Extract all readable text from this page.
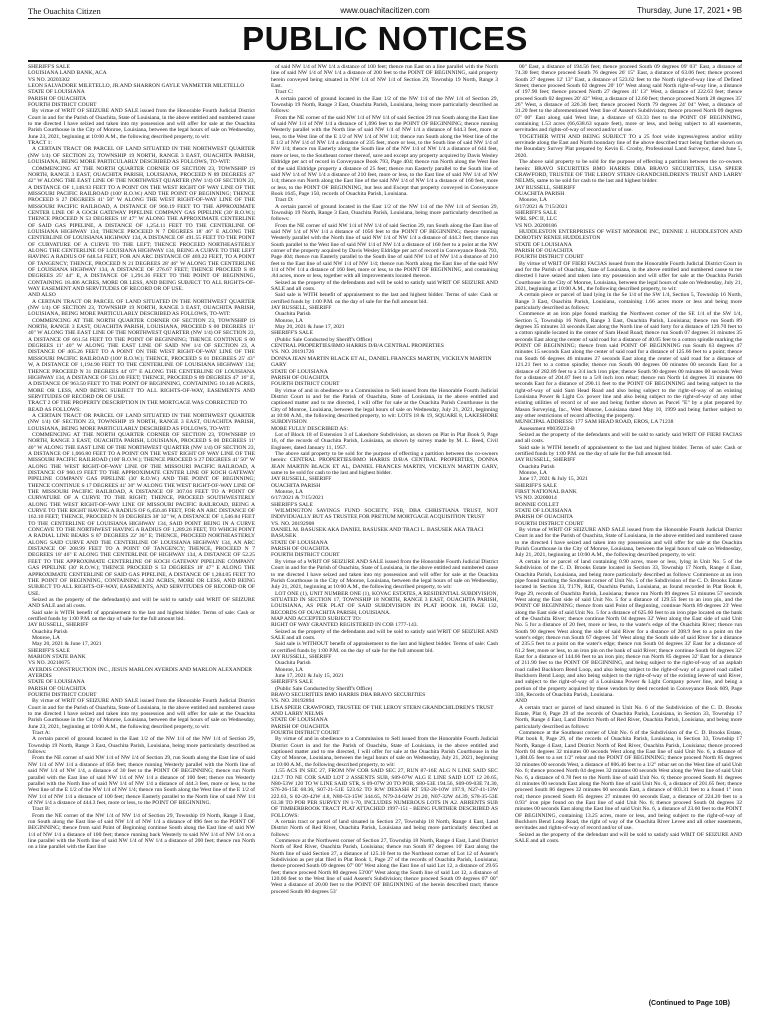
The Ouachita Citizen	www.ouachitacitizen.com	Thursday, June 17, 2021 • 9B
PUBLIC NOTICES

SHERIFF'S SALE

LOUISIANA LAND BANK, ACA

VS NO. 20203302

LEON SALVADORE MILETELLO, JR.AND SHARRON GAYLE VANMETER MILETELLO

STATE OF LOUISIANA

PARISH OF OUACHITA

FOURTH DISTRICT COURT

By virtue of WRIT OF SEIZURE AND SALE issued from the Honorable Fourth Judicial District Court in and for the Parish of Ouachita, State of Louisiana, in the above entitled and numbered cause to me directed I have seized and taken into my possession and will offer for sale at the Ouachita Parish Courthouse in the City of Monroe, Louisiana, between the legal hours of sale on Wednesday, June 23, 2021, beginning at 10:00 A.M., the following described property, to wit:

TRACT 1:

A CERTAIN TRACT OR PARCEL OF LAND SITUATED IN THE NORTHWEST QUARTER (NW 1/4) OF SECTION 23, TOWNSHIP 19 NORTH, RANGE 3 EAST, OUACHITA PARISH, LOUISIANA, BEING MORE PARTICULARLY DESCRIBED AS FOLLOWS, TO-WIT:

COMMENCING AT THE NORTH QUARTER CORNER OF SECTION 23, TOWNSHIP 19 NORTH, RANGE 3 EAST, OUACHITA PARISH, LOUISIANA, PROCEED N 89 DEGREES 47' 42" W ALONG THE EAST LINE OF THE NORTHWEST QUARTER (NW 1/4) OF SECTION 23, A DISTANCE OF 1,148.93 FEET TO A POINT ON THE WEST RIGHT OF WAY LINE OF THE MISSOURI PACIFIC RAILROAD (100' R.O.W.) AND THE POINT OF BEGINNING; THENCE PROCEED S 27 DEGREES 41' 50" W ALONG THE WEST RIGHT-OF-WAY LINE OF THE MISSOURI PACIFIC RAILROAD, A DISTANCE OF 960.19 FEET TO THE APPROXIMATE CENTER LINE OF A GOCH GATEWAY PIPELINE COMPANY GAS PIPELINE (30' R.O.W.); THENCE PROCEED N 53 DEGREES 18' 47" W ALONG THE APPROXIMATE CENTERLINE OF SAID GAS PIPELINE, A DISTANCE OF 1,254.11 FEET TO THE CENTERLINE OF LOUISIANA HIGHWAY 134; THENCE PROCEED N 7 DEGREES 18' 46" E ALONG THE CENTERLINE OF LOUISIANA HIGHWAY 134, A DISTANCE OF 491.55 FEET TO THE POINT OF CURVATURE OF A CURVE TO THE LEFT; THENCE PROCEED NORTHEASTERLY ALONG THE CENTERLINE OF LOUISIANA HIGHWAY 134, BEING A CURVE TO THE LEFT HAVING A RADIUS OF 648.54 FEET, FOR AN ARC DISTANCE OF 469.22 FEET, TO A POINT OF TANGENCY; THENCE, PROCEED N 21 DEGREES 28' 46" W ALONG THE CENTERLINE OF LOUISIANA HIGHWAY 134, A DISTANCE OF 276.67 FEET; THENCE PROCEED S 89 DEGREES 25' 44" E, A DISTANCE OF 1,291.36 FEET TO THE POINT OF BEGINNING, CONTAINING 18.406 ACRES, MORE OR LESS, AND BEING SUBJECT TO ALL RIGHTS-OF-WAY EASEMENT AND SERVITUDES OF RECORD OR OF USE.

AND ALSO

A CERTAIN TRACT OR PARCEL OF LAND SITUATED IN THE NORTHWEST QUARTER (NW 1/4) OF SECTION 23, TOWNSHIP 19 NORTH, RANGE 3 EAST, OUACHITA PARISH, LOUISIANA, BEING MORE PARTICULARLY DESCRIBED AS FOLLOWS, TO-WIT:

COMMENCING AT THE NORTH QUARTER CORNER OF SECTION 23, TOWNSHIP 19 NORTH, RANGE 3 EAST, OUACHITA PARISH, LOUISIANA, PROCEED S 00 DEGREES 11' 40" W ALONG THE EAST LINE OF THE NORTHWEST QUARTER (NW 1/4) OF SECTION 23, A DISTANCE OF 661.54 FEET TO THE POINT OF BEGINNING; THENCE CONTINUE S 00 DEGREES 11' 40" W ALONG THE EAST LINE OF SAID NW 1/4 OF SECTION 23, A DISTANCE OF 405.26 FEET TO A POINT ON THE WEST RIGHT-OF-WAY LINE OF THE MISSOURI PACIFIC RAILROAD (100' R.O.W.); THENCE, PROCEED S 01 DEGREES 25' 43" W, A DISTANCE OF 1,194.90 FEET TO THE CENTERLINE OF LOUISIANA HIGHWAY 134; THENCE PROCEED N 31 DEGREES 44' 07" E ALONG THE CENTERLINE OF LOUISIANA HIGHWAY 134, A DISTANCE OF 531.00 FEET; THENCE, PROCEED S 89 DEGREES 47' 16" E, A DISTANCE OF 963.50 FEET TO THE POINT OF BEGINNING, CONTAINING 10.140 ACRES, MORE OR LESS, AND BEING SUBJECT TO ALL RIGHTS-OF-WAY, EASEMENTS AND SERVITUDES OF RECORD OR OF USE.

TRACT 2 OF THE PROPERTY DESCRIPTION IN THE MORTGAGE WAS CORRECTED TO READ AS FOLLOWS:

A CERTAIN TRACT OR PARCEL OF LAND SITUATED IN THE NORTHWEST QUARTER (NW 1/4) OF SECTION 23, TOWNSHIP 19 NORTH, RANGE 3 EAST, OUACHITA PARISH, LOUISIANA, BEING MORE PARTICULARLY DESCRIBED AS FOLLOWS, TO-WIT:

COMMENCING AT THE NORTH QUARTER CORNER OF SECTION 23, TOWNSHIP 19 NORTH, RANGE 3 EAST, OUACHITA PARISH, LOUISIANA, PROCEED S 00 DEGREES 11' 40" W ALONG THE EAST LINE OF THE NORTHWEST QUARTER (NW 1/4) OF SECTION 23, A DISTANCE OF 1,066.80 FEET TO A POINT ON THE WEST RIGHT OF WAY LINE OF THE MISSOURI PACIFIC RAILROAD (100' R.O.W.); THENCE PROCEED S 27 DEGREES 41' 50" W ALONG THE WEST RIGHT-OF-WAY LINE OF THE MISSOURI PACIFIC RAILROAD, A DISTANCE OF 960.19 FEET TO THE APPROXIMATE CENTER LINE OF KOCH GATEWAY PIPELINE COMPANY GAS PIPELINE (30' R.O.W.) AND THE POINT OF BEGINNING; THENCE CONTINUE S 17 DEGREES 41' 30" W ALONG THE WEST RIGHT-OF-WAY LINE OF THE MISSOURI PACIFIC RAILROAD, A DISTANCE OF 307.04 FEET TO A POINT OF CURVATURE OF A CURVE TO THE RIGHT; THENCE, PROCEED SOUTHWESTERLY ALONG THE WEST RIGHT-OF-WAY LINE OF MISSOURI PACIFIC RAILROAD, BEING A CURVE TO THE RIGHT HAVING A RADIUS OF 6,450.46 FEET, FOR AN ARC DISTANCE OF 162.10 FEET; THENCE, PROCEED N 59 DEGREES 38' 32" W, A DISTANCE OF 1,546.84 FEET TO THE CENTERLINE OF LOUISIANA HIGHWAY 134, SAID POINT BEING IN A CURVE CONCAVE TO THE NORTHWEST HAVING A RADIUS OF 1,289.26 FEET, TO WHICH POINT A RADIAL LINE BEARS S 87 DEGREES 22' 36" E; THENCE, PROCEED NORTHEASTERLY ALONG SAID CURVE AND THE CENTERLINE OF LOUISIANA HIGHWAY 134, AN ARC DISTANCE OF 208.99 FEET TO A POINT OF TANGENCY; THENCE, PROCEED N 7 DEGREES 18' 46" E ALONG THE CENTERLINE OF HIGHWAY 134, A DISTANCE OF 52.25 FEET TO THE APPROXIMATE CENTERLINE OF KOCH GATEWAY PIPELINE COMPANY GAS PIPELINE (30' R.O.W.); THENCE PROCEED S 53 DEGREES 18' 47" E ALONG THE APPROXIMATE CENTERLINE OF SAID GAS PIPELINE, A DISTANCE OF 1,284.05 FEET TO THE POINT OF BEGINNING, CONTAINING 8.202 ACRES, MORE OR LESS, AND BEING SUBJECT TO ALL RIGHTS-OF-WAY, EASEMENTS, AND SERVITUDES OF RECORD OR OF USE.

Seized as the property of the defendant(s) and will be sold to satisfy said WRIT OF SEIZURE AND SALE and all costs.

Said sale is WITH benefit of appraisement to the last and highest bidder. Terms of sale: Cash or certified funds by 1:00 P.M. on the day of sale for the full amount bid.

JAY RUSSELL, SHERIFF

Ouachita Parish

Monroe, LA

May 20, 2021 & June 17, 2021

SHERIFF'S SALE

MARION STATE BANK

VS NO. 20210675

AYERDIS CONSTRUCTION INC., JESUS MARLON AYERDIS AND MARLON ALEXANDER AYERDIS

STATE OF LOUISIANA

PARISH OF OUACHITA

FOURTH DISTRICT COURT

By virtue of WRIT OF SEIZURE AND SALE issued from the Honorable Fourth Judicial District Court in and for the Parish of Ouachita, State of Louisiana, in the above entitled and numbered cause to me directed I have seized and taken into my possession and will offer for sale at the Ouachita Parish Courthouse in the City of Monroe, Louisiana, between the legal hours of sale on Wednesday, June 23, 2021, beginning at 10:00 A.M., the following described property, to wit:

Tract A:

A certain parcel of ground located in the East 1/2 of the NW 1/4 of the NW 1/4 of Section 29, Township 19 North, Range 3 East, Ouachita Parish, Louisiana, being more particularly described as follows:

From the NE corner of said NW 1/4 of NW 1/4 of Section 29, run South along the East line of said NW 1/4 of NW 1/4 a distance of 856 feet; thence running Westerly parallel with the North line of said NW 1/4 of NW 1/4, a distance of 30 feet to the POINT OF BEGINNING; thence run North parallel with the East line of said NW 1/4 of NW 1/4 a distance of 100 feet; thence run Westerly parallel with the North line of said NW 1/4 of NW 1/4 a distance of 444.3 feet, more or less, to the West line of the E 1/2 of the NW 1/4 of NW 1/4; thence run South along the West line of the E 1/2 of NW 1/4 of NW 1/4 a distance of 100 feet; thence Easterly parallel to the North line of said NW 1/4 of NW 1/4 a distance of 444.3 feet, more or less, to the POINT OF BEGINNING.

Tract B:

From the NE corner of the NW 1/4 of NW 1/4 of Section 29, Township 19 North, Range 3 East, run South along the East line of said NW 1/4 of NW 1/4 a distance of 896 feet to the POINT OF BEGINNING; thence from said Point of Beginning continue South along the East line of said NW 1/4 of NW 1/4 a distance of 100 feet; thence running back Westerly to said NW 1/4 of NW 1/4 on a line parallel with the North line of said NW 1/4 of NW 1/4 a distance of 200 feet; thence run North on a line parallel with the East line

of said NW 1/4 of NW 1/4 a distance of 100 feet; thence run East on a line parallel with the North line of said NW 1/4 of NW 1/4 a distance of 200 feet to the POINT OF BEGINNING, said property herein conveyed being situated in NW 1/4 of NW 1/4 of Section 29, Township 19 North, Range 3 East.

Tract C:

A certain parcel of ground located in the East 1/2 of the NW 1/4 of the NW 1/4 of Section 29, Township 19 North, Range 3 East, Ouachita Parish, Louisiana, being more particularly described as follows:

From the NE corner of the said NW 1/4 of NW 1/4 of said Section 29 run South along the East line of said NW 1/4 of NW 1/4 a distance of 1,096 feet to the POINT OF BEGINNING; thence running Westerly parallel with the North line of said NW 1/4 of NW 1/4 a distance of 644.3 feet, more or less, to the West line of the E 1/2 of NW 1/4 of NW 1/4; thence run South along the West line of the E 1/2 of NW 1/4 of NW 1/4 a distance of 235 feet, more or less, to the South line of said NW 1/4 of NW 1/4; thence run Easterly along the South line of the NW 1/4 of NW 1/4 a distance of 644 feet, more or less, to the Southeast corner thereof, save and except any property acquired by Davis Wesley Eldridge per act of record in Conveyance Book 793, Page 404; thence run North along the West line of the said Eldridge property a distance of 25 feet; thence run Easterly parallel to the South line of said NW 1/4 of NW 1/4 a distance of 210 feet, more or less, to the East line of said NW 1/4 of NW 1/4; thence run North along the East line of the said NW 1/4 of NW 1/4 a distance of 160 feet, more or less, to the POINT OF BEGINNING, but less and Except that property conveyed in Conveyance Book 1645, Page 150, records of Ouachita Parish, Louisiana.

Tract D:

A certain parcel of ground located in the East 1/2 of the NW 1/4 of the NW 1/4 of Section 29, Township 19 North, Range 3 East, Ouachita Parish, Louisiana, being more particularly described as follows:

From the NE corner of said NW 1/4 of NW 1/4 of said Section 29, run South along the East line of said NW 1/4 of NW 1/4 a distance of 1056 feet to the POINT OF BEGINNING; thence running Westerly parallel with the North line of said NW 1/4 of NW 1/4 a distance of 444.3 feet; thence run South parallel to the West line of said NW 1/4 of NW 1/4 a distance of 160 feet to a point at the NW corner of the property acquired by Davis Wesley Eldridge per act of record in Conveyance Book 793, Page 404; thence run Easterly parallel to the South line of said NW 1/4 of NW 1/4 a distance of 210 feet to the East line of said NW 1/4 of NW 1/4; thence run North along the East line of the said NW 1/4 of NW 1/4 a distance of 160 feet, more or less, to the POINT OF BEGINNING, and containing .84 acres, more or less, together with all improvements located thereon.

Seized as the property of the defendants and will be sold to satisfy said WRIT OF SEIZURE AND SALE and all costs.

Said sale is WITH benefit of appraisement to the last and highest bidder. Terms of sale: Cash or certified funds by 1:00 P.M. on the day of sale for the full amount bid.

JAY RUSSELL, SHERIFF

Ouachita Parish

Monroe, LA

May 20, 2021 & June 17, 2021

SHERIFF'S SALE

(Public Sale Conducted by Sheriff's Office)

CENTRAL PROPERTIES/BMO HARRIS D/B/A CENTRAL PROPERTIES

VS. NO. 20191726

DONNA JEAN MARTIN BLACK ET AL, DANIEL FRANCES MARTIN, VICKILYN MARTIN GARY

STATE OF LOUISIANA

PARISH OF OUACHITA

FOURTH DISTRICT COURT

By virtue of and in obedience to a Commission to Sell issued from the Honorable Fourth Judicial District Court in and for the Parish of Ouachita, State of Louisiana, in the above entitled and captioned matter and to me directed, I will offer for sale at the Ouachita Parish Courthouse in the City of Monroe, Louisiana, between the legal hours of sale on Wednesday, July 21, 2021, beginning at 10:00 A.M., the following described property, to wit: LOTS 18 & 19, SQUARE 8, LAKESHORE SUBDIVISION

MORE FULLY DESCRIBED AS:

Lot of Block 18 of Extension 3 of Lakeshore Subdivision, as shown on Plat in Plat Book 9, Page 16, of the records of Ouachita Parish, Louisiana, as shown by survey made by M. L. Reed, Civil Engineer, dated January 11, 1957.

The above said property to be sold for the purpose of effecting a partition between the co-owners herein: CENTRAL PROPERTIES/BMO HARRIS D/B/A CENTRAL PROPERTIES, DONNA JEAN MARTIN BLACK ET AL, DANIEL FRANCES MARTIN, VICKILYN MARTIN GARY, same to be sold for cash to the last and highest bidder.

JAY RUSSELL, SHERIFF

OUACHITA PARISH

Monroe, LA

6/17/2021 & 7/15/2021

SHERIFF'S SALE

WILMINGTON SAVINGS FUND SOCIETY, FSB, DBA CHRISTIANA TRUST, NOT INDIVIDUALLY BUT AS TRUSTEE FOR PRETIUM MORTGAGE ACQUISITION TRUST

VS. NO. 20192908

DANIEL M. BASUSEK AKA DANIEL BASUSEK AND TRACI L. BASUSEK AKA TRACI BASUSEK

STATE OF LOUISIANA

PARISH OF OUACHITA

FOURTH DISTRICT COURT

By virtue of a WRIT OF SEIZURE AND SALE issued from the Honorable Fourth Judicial District Court in and for the Parish of Ouachita, State of Louisiana, in the above entitled and numbered cause to me directed I have seized and taken into my possession and will offer for sale at the Ouachita Parish Courthouse in the City of Monroe, Louisiana, between the legal hours of sale on Wednesday, July 21, 2021, beginning at 10:00 A.M., the following described property, to wit:

LOT ONE (1), UNIT NUMBER ONE (1), KOVAC ESTATES, A RESIDENTIAL SUBDIVISION, SITUATED IN SECTION 17, TOWNSHIP 18 NORTH, RANGE 3 EAST, OUACHITA PARISH, LOUISIANA, AS PER PLAT OF SAID SUBDIVISION IN PLAT BOOK 18, PAGE 132, RECORDS OF OUACHITA PARISH, LOUISIANA.

MAP AND ACCEPTED SUBJECT TO:

RIGHT OF WAY GRANTED REGISTERED IN COB 1777-143.

Seized as the property of the defendants and will be sold to satisfy said WRIT OF SEIZURE AND SALE and all costs.

Said sale is WITHOUT benefit of appraisement to the last and highest bidder. Terms of sale: Cash or certified funds by 1:00 P.M. on the day of sale for the full amount bid.

JAY RUSSELL, SHERIFF

Ouachita Parish

Monroe, LA

June 17, 2021 & July 15, 2021

SHERIFF'S SALE

(Public Sale Conducted by Sheriff's Office)

BRAVO SECURITIES BMO HARRIS DBA BRAVO SECURITIES

VS. NO. 20192894

LISA SPEER CRAWFORD, TRUSTEE OF THE LEROY STERN GRANDCHILDREN'S TRUST AND LARRY NELMS

STATE OF LOUISIANA

PARISH OF OUACHITA

FOURTH DISTRICT COURT

By virtue of and in obedience to a Commission to Sell issued from the Honorable Fourth Judicial District Court in and for the Parish of Ouachita, State of Louisiana, in the above entitled and captioned matter and to me directed, I will offer for sale at the Ouachita Parish Courthouse in the City of Monroe, Louisiana, between the legal hours of sale on Wednesday, July 21, 2021, beginning at 10:00 A.M., the following described property, to wit:

1.55 ACS IN SEC 27, FROM NW COR SAID SEC 27, RUN 87-16E ALG N LINE SAID SEC 124.7 TO NE COR SAID LOT 2 ASSENTS SUB, S09-07W ALG E LINE SAID LOT 12 20.65, N80-53W 120 TO W LINE SAID STR, S 09-07W 20 TO POB, S80-53E 194.56, S09-09-03E 74.30, S76-26-15E 68.36, S07-21-51E 523.62 TO R/W DESASH RT 592-20-10W 197.9, N27-41-13W 222.63, S 02-20-42W 4.8, N80-53-15W 344.65, N79-24-04W 21.20, N07-32W 44.39, S78-35-53E 63.38 TO POB PER SURVEY IN 1-70, INCLUDES NUMEROUS LOTS IN A2. ARRENTS SUB OF TIMBERBROOK TRACT PLAT ATTACHED 1997-151 - BEING FURTHER DESCRIBED AS FOLLOWS:

A certain tract or parcel of land situated in Section 27, Township 18 North, Range 4 East, Land District North of Red River, Ouachita Parish, Louisiana and being more particularly described as follows:

Commence at the Northwest corner of Section 27, Township 18 North, Range 4 East, Land District North of Red River, Ouachita Parish, Louisiana; thence run South 87 degrees 16' East along the North line of said Section 27, a distance of 125.10 feet to the Northeast corner of Lot 12 of Assent's Subdivision as per plat filed in Plat Book 1, Page 27 of the records of Ouachita Parish, Louisiana; thence proceed South 09 degrees 07' 00" West along the East line of said Lot 12, a distance of 29.65 feet; thence proceed North 80 degrees 53'00" West along the South line of said Lot 12, a distance of 120.00 feet to the West line of said Assent's Subdivision; thence proceed South 09 degrees 07' 00" West a distance of 20.00 feet to the POINT OF BEGINNING of the herein described tract; thence proceed South 80 degrees 53'

00" East, a distance of 194.56 feet; thence proceed South 09 degrees 09' 03" East, a distance of 74.30 feet; thence proceed South 76 degrees 26' 15" East, a distance of 63.06 feet; thence proceed South 27 degrees 12' 13" East, a distance of 523.62 feet to the North right-of-way line of Defined Street; thence proceed South 02 degrees 20' 10" West along said North right-of-way line, a distance of 197.90 feet; thence proceed North 27 degrees 41' 13" West, a distance of 222.63 feet; thence proceed South 02 degrees 20' 42" West, a distance of 12.60 feet; thence proceed North 28 degrees 35' 26" West, a distance of 326.36 feet; thence proceed North 79 degrees 24' 04" West, a distance of 31.20 feet to the aforementioned West line of Assent's Subdivision; thence proceed North 09 degrees 07' 00" East along said West line, a distance of 63.33 feet to the POINT OF BEGINNING, containing 1.53 acres (66,638.63 square feet), more or less, and being subject to all easements, servitudes and rights-of-way of record and/or of use.

TOGETHER WITH AND BEING SUBJECT TO a 25 foot wide ingress/egress and/or utility servitude along the East and North boundary line of the above described tract being further shown on the Boundary Survey Plat prepared by Kevin E. Crosby, Professional Land Surveyor, dated June 5, 2020.

The above said property to be sold for the purpose of effecting a partition between the co-owners herein: BRAVO SECURITIES BMO HARRIS DBA BRAVO SECURITIES, LISA SPEER CRAWFORD, TRUSTEE OF THE LEROY STERN GRANDCHILDREN'S TRUST AND LARRY NELMS, same to be sold for cash to the last and highest bidder.

JAY RUSSELL, SHERIFF

OUACHITA PARISH

Monroe, LA

6/17/2021 & 7/15/2021

SHERIFF'S SALE

WRL SPC II, LLC

VS NO. 20200186

HUDDLESTON ENTERPRISES OF WEST MONROE INC, DENNIE J. HUDDLESTON AND DOROTHY RENEE HUDDLESTON

STATE OF LOUISIANA

PARISH OF OUACHITA

FOURTH DISTRICT COURT

By virtue of WRIT OF FIERI FACIAS issued from the Honorable Fourth Judicial District Court in and for the Parish of Ouachita, State of Louisiana, in the above entitled and numbered cause to me directed I have seized and taken into my possession and will offer for sale at the Ouachita Parish Courthouse in the City of Monroe, Louisiana, between the legal hours of sale on Wednesday, July 21, 2021, beginning at 10:00 A.M., the following described property, to wit:

A certain piece or parcel of land lying in the Se 1/4 of the SW 1/4, Section 5, Township 16 North, Range 3 East, Ouachita Parish, Louisiana, containing 1.66 acres more or less and being more particularly described as follows:

Commence at an iron pipe found marking the Northwest corner of the SE 1/4 of the SW 1/4, Section 5, Township 16 North, Range 3 East, Ouachita Parish, Louisiana; thence run South 89 degrees 35 minutes 33 seconds East along the North line of said forty for a distance of 129.70 feet to a cotton spindle located in the center of Sam Head Road; thence run South 07 degrees 31 minutes 35 seconds East along the center of said road for a distance of 40.05 feet to a cotton spindle marking the POINT OF BEGINNING; thence from said POINT OF BEGINNING run South 63 degrees 47 minutes 15 seconds East along the center of said road for a distance of 125.66 feet to a point; thence run South 66 degrees 46 minutes 27 seconds East along the center of said road for a distance of 121.21 feet to a cotton spindle; thence run South 00 degrees 00 minutes 00 seconds East for a distance of 282.89 feet to a 3/4 inch iron pipe; thence South 90 degrees 00 minutes 00 seconds West for a distance of 204.87 feet to a 5/8 inch iron rebar; thence run North 14 degrees 31 minutes 00 seconds East for a distance of 290.11 feet to the POINT OF BEGINNING and being subject to the right-of-way of said Sam Head Road and also being subject to the right-of-way of an existing Louisiana Power & Light Co. power line and also being subject to the right-of-way of any other existing utilities of record or of use and being further shown as Parcel "E" by a plat prepared by Mason Surveying, Inc., West Monroe, Louisiana dated May 10, 1999 and being further subject to any other restrictions of record affecting the property.

MUNICIPAL ADDRESS: 177 SAM HEAD ROAD, EROS, LA 71238

Assessment #0039223-B

Seized as the property of the defendants and will be sold to satisfy said WRIT OF FIERI FACIAS and all costs.

Said sale is WITH benefit of appraisement to the last and highest bidder. Terms of sale: Cash or certified funds by 1:00 P.M. on the day of sale for the full amount bid.

JAY RUSSELL, SHERIFF

Ouachita Parish

Monroe, LA

June 17, 2021 & July 15, 2021

SHERIFF'S SALE

FIRST NATIONAL BANK

VS NO. 20200014

BONNIE COLLET

STATE OF LOUISIANA

PARISH OF OUACHITA

FOURTH DISTRICT COURT

By virtue of WRIT OF SEIZURE AND SALE issued from the Honorable Fourth Judicial District Court in and for the Parish of Ouachita, State of Louisiana, in the above entitled and numbered cause to me directed I have seized and taken into my possession and will offer for sale at the Ouachita Parish Courthouse in the City of Monroe, Louisiana, between the legal hours of sale on Wednesday, July 21, 2021, beginning at 10:00 A.M., the following described property, to wit:

A certain lot or parcel of land containing 0.90 acres, more or less, lying in Unit No. 5 of the Subdivision of the C. D. Brooks Estate located in Section 33, Township 17 North, Range 4 East, Ouachita Parish, Louisiana, and being more particularly described as follows: Commence at an iron pipe found marking the Southeast corner of Unit No. 5 of the Subdivision of the C. D. Brooks Estate located in Section 33, T17N, R4E, Ouachita Parish, Louisiana, as found recorded in Plat Book 8, Page 29, records of Ouachita Parish, Louisiana; thence run North 89 degrees 53 minutes 57 seconds West along the East side of said Unit No. 5 for a distance of 129.55 feet to an iron pin, and the POINT OF BEGINNING; thence from said Point of Beginning, continue North 89 degrees 23' West along the East side of said Unit No. 5 for a distance of 625.60 feet to an iron pipe located on the bank of the Ouachita River; thence continue North 04 degrees 32' West along the East side of said Unit No. 5 for a distance of 20 feet, more or less, to the water's edge of the Ouachita River; thence run South 90 degrees West along the side of said River for a distance of 208.9 feet to a point on the water's edge; thence run South 67 degrees 34' West along the South side of said River for a distance of 235.5 feet to a point on the water's edge; thence run South 04 degrees 32' East for a distance of 61.2 feet, more or less, to an iron pin on the bank of said River; thence continue South 04 degrees 32' East for a distance of 144.66 feet to an iron pin; thence run North 85 degrees 32' East for a distance of 211.90 feet to the POINT OF BEGINNING, and being subject to the right-of-way of an asphalt road called Buckhorn Bend Loop, and also being subject to the right-of-way of a gravel road called Buckhorn Bend Loop; and also being subject to the right-of-way of the existing levee of said River, and subject to the right-of-way of a Louisiana Power & Light Company power line, and being a portion of the property acquired by these vendors by deed recorded in Conveyance Book 609, Page 336, Records of Ouachita Parish, Louisiana.

AND

A certain tract or parcel of land situated in Unit No. 6 of the Subdivision of the C. D. Brooks Estate, Plat 8, Page 29 of the records of Ouachita Parish, Louisiana, in Section 33, Township 17 North, Range 4 East, Land District North of Red River, Ouachita Parish, Louisiana, and being more particularly described as follows:

Commence at the Southeast corner of Unit No. 6 of the Subdivision of the C. D. Brooks Estate, Plat book 8, Page 29, of the records of Ouachita Parish, Louisiana, in Section 33, Township 17 North, Range 4 East, Land District North of Red River, Ouachita Parish, Louisiana; thence proceed North 04 degrees 32 minutes 00 seconds West along the East line of said Unit No. 6, a distance of 1,484.05 feet to a set 1/2" rebar and the POINT OF BEGINNING; thence proceed North 85 degrees 32 minutes 00 seconds West, a distance of 806.46 feet to a 1/2" rebar set on the West line of said Unit No. 6; thence proceed North 04 degrees 32 minutes 00 seconds West along the West line of said Unit No. 6, a distance of 0.78 feet to the North line of said Unit No. 6; thence proceed South 81 degrees 41 minutes 00 seconds East along the North line of said Unit No. 6, a distance of 201.65 feet; thence proceed South 86 degrees 32 minutes 00 seconds East, a distance of 603.31 feet to a found 1" iron rod; thence proceed South 85 degrees 27 minutes 00 seconds East, a distance of 224.20 feet to a 0.93" iron pipe found on the East line of said Unit No. 6; thence proceed South 04 degrees 32 minutes 00 seconds East along the East line of said Unit No. 6, a distance of 23.60 feet to the POINT OF BEGINNING, containing 13.25 acres, more or less, and being subject to the right-of-way of Buckhorn Bend Loop Road, the right of way of the Ouachita River Levee and all other easements, servitudes and rights-of-way of record and/or of use.

Seized as the property of the defendant and will be sold to satisfy said WRIT OF SEIZURE AND SALE and all costs.

(Continued to Page 10B)
